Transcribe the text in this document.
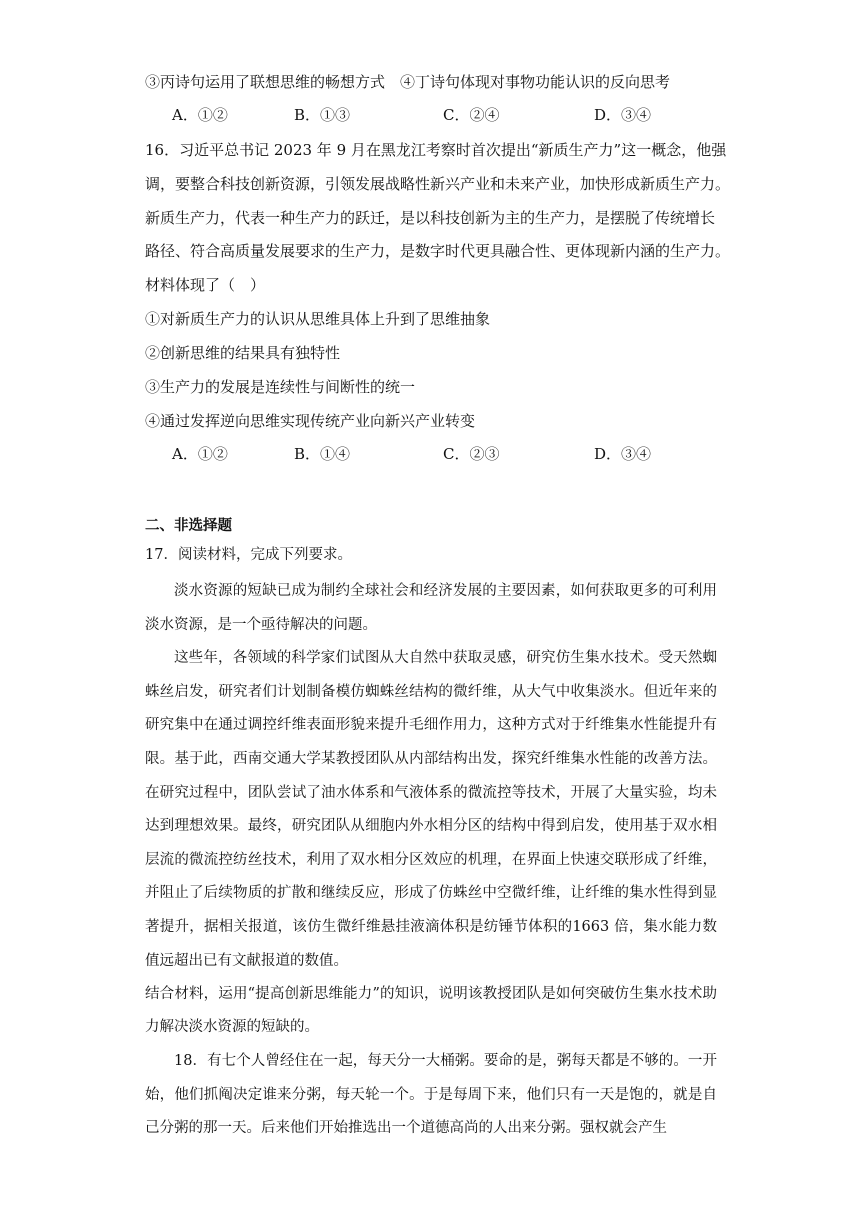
③丙诗句运用了联想思维的畅想方式　④丁诗句体现对事物功能认识的反向思考
A．①②	B．①③	C．②④	D．③④
16．习近平总书记 2023 年 9 月在黑龙江考察时首次提出“新质生产力”这一概念，他强
调，要整合科技创新资源，引领发展战略性新兴产业和未来产业，加快形成新质生产力。
新质生产力，代表一种生产力的跃迁，是以科技创新为主的生产力，是摆脱了传统增长
路径、符合高质量发展要求的生产力，是数字时代更具融合性、更体现新内涵的生产力。
材料体现了（　）
①对新质生产力的认识从思维具体上升到了思维抽象
②创新思维的结果具有独特性
③生产力的发展是连续性与间断性的统一
④通过发挥逆向思维实现传统产业向新兴产业转变
A．①②	B．①④	C．②③	D．③④
二、非选择题
17．阅读材料，完成下列要求。

淡水资源的短缺已成为制约全球社会和经济发展的主要因素，如何获取更多的可利用淡水资源，是一个亟待解决的问题。

这些年，各领域的科学家们试图从大自然中获取灵感，研究仿生集水技术。受天然蜘蛛丝启发，研究者们计划制备模仿蜘蛛丝结构的微纤维，从大气中收集淡水。但近年来的研究集中在通过调控纤维表面形貌来提升毛细作用力，这种方式对于纤维集水性能提升有限。基于此，西南交通大学某教授团队从内部结构出发，探究纤维集水性能的改善方法。在研究过程中，团队尝试了油水体系和气液体系的微流控等技术，开展了大量实验，均未达到理想效果。最终，研究团队从细胞内外水相分区的结构中得到启发，使用基于双水相层流的微流控纺丝技术，利用了双水相分区效应的机理，在界面上快速交联形成了纤维，并阻止了后续物质的扩散和继续反应，形成了仿蛛丝中空微纤维，让纤维的集水性得到显著提升，据相关报道，该仿生微纤维悬挂液滴体积是纺锤节体积的1663 倍，集水能力数值远超出已有文献报道的数值。

结合材料，运用“提高创新思维能力”的知识，说明该教授团队是如何突破仿生集水技术助力解决淡水资源的短缺的。

18．有七个人曾经住在一起，每天分一大桶粥。要命的是，粥每天都是不够的。一开始，他们抓阄决定谁来分粥，每天轮一个。于是每周下来，他们只有一天是饱的，就是自己分粥的那一天。后来他们开始推选出一个道德高尚的人出来分粥。强权就会产生
